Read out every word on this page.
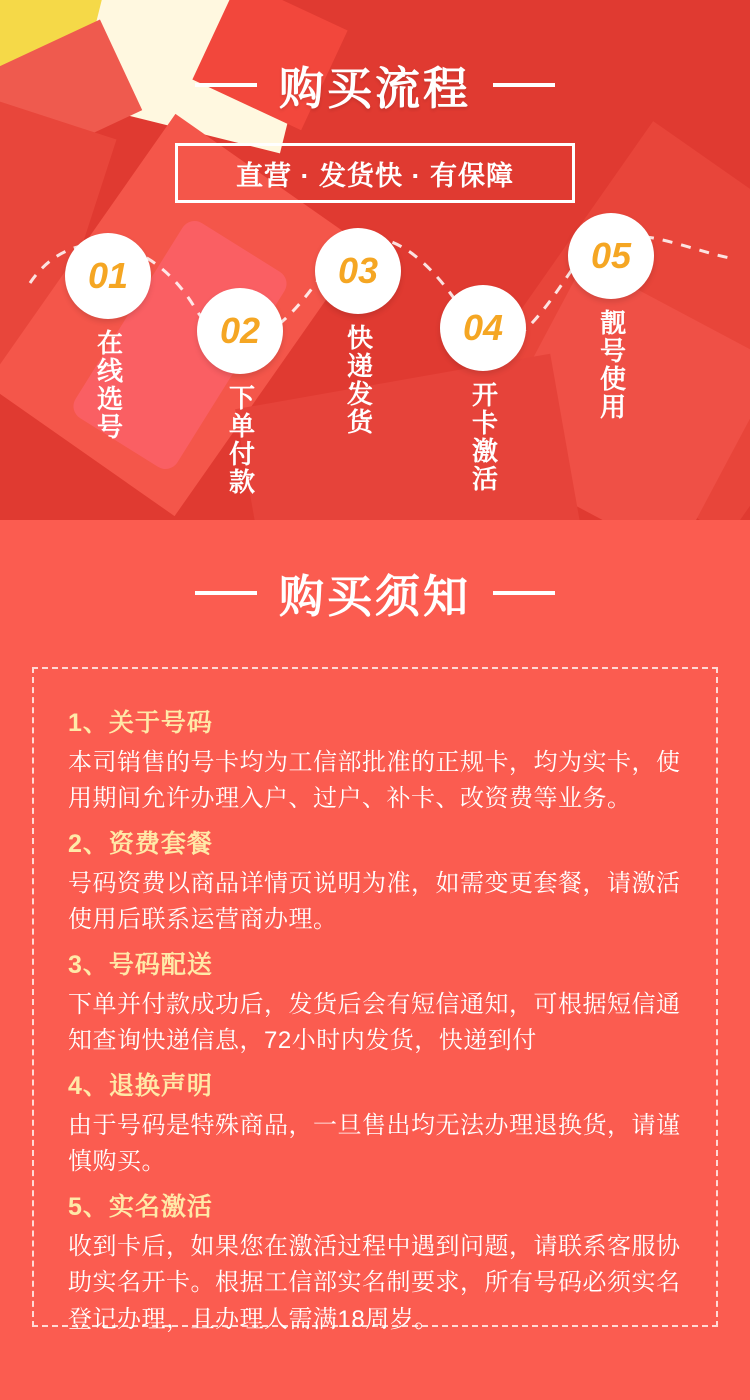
购买流程
直营 · 发货快 · 有保障
01
在线选号	02
下单付款
03
快递发货	04
开卡激活
05
靓号使用
购买须知
1、关于号码
本司销售的号卡均为工信部批准的正规卡，均为实卡，使用期间允许办理入户、过户、补卡、改资费等业务。
2、资费套餐
号码资费以商品详情页说明为准，如需变更套餐，请激活使用后联系运营商办理。
3、号码配送
下单并付款成功后，发货后会有短信通知，可根据短信通知查询快递信息，72小时内发货，快递到付
4、退换声明
由于号码是特殊商品，一旦售出均无法办理退换货，请谨慎购买。
5、实名激活
收到卡后，如果您在激活过程中遇到问题，请联系客服协助实名开卡。根据工信部实名制要求，所有号码必须实名登记办理，且办理人需满18周岁。
